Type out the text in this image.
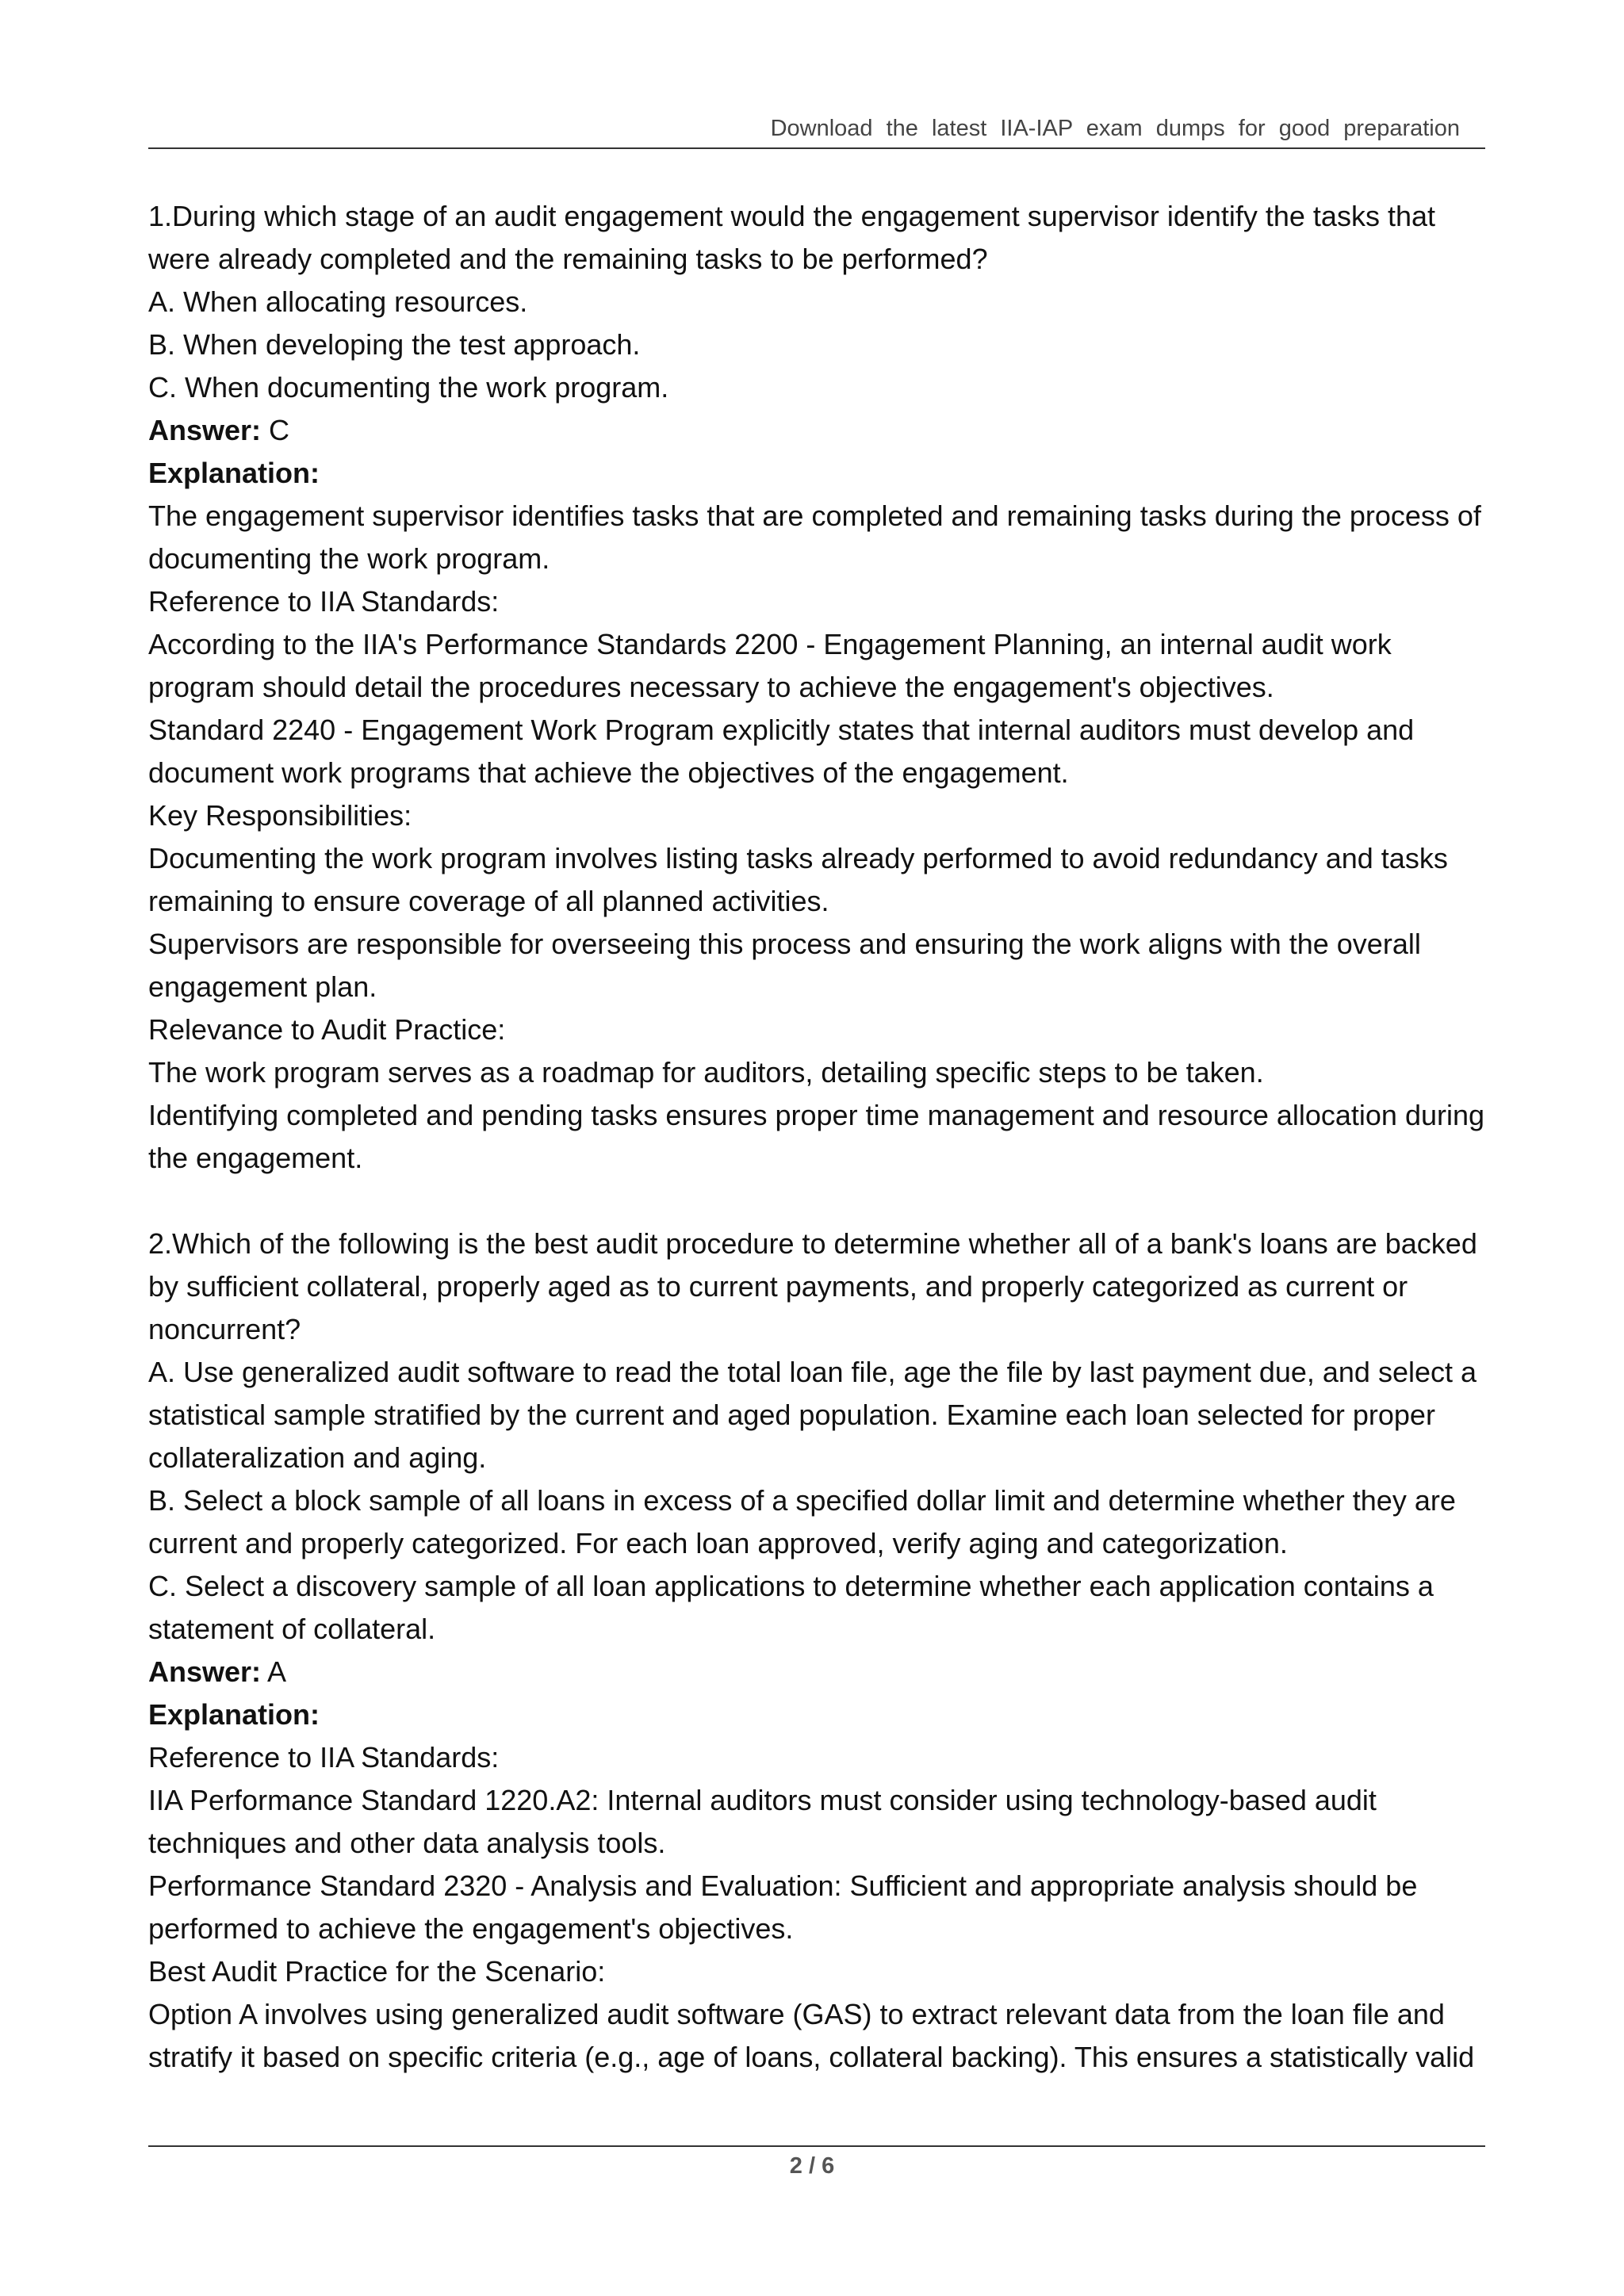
Download the latest IIA-IAP exam dumps for good preparation

1.During which stage of an audit engagement would the engagement supervisor identify the tasks that were already completed and the remaining tasks to be performed?

A. When allocating resources.

B. When developing the test approach.

C. When documenting the work program.

Answer: C

Explanation:

The engagement supervisor identifies tasks that are completed and remaining tasks during the process of documenting the work program.

Reference to IIA Standards:

According to the IIA's Performance Standards 2200 - Engagement Planning, an internal audit work program should detail the procedures necessary to achieve the engagement's objectives.

Standard 2240 - Engagement Work Program explicitly states that internal auditors must develop and document work programs that achieve the objectives of the engagement.

Key Responsibilities:

Documenting the work program involves listing tasks already performed to avoid redundancy and tasks remaining to ensure coverage of all planned activities.

Supervisors are responsible for overseeing this process and ensuring the work aligns with the overall engagement plan.

Relevance to Audit Practice:

The work program serves as a roadmap for auditors, detailing specific steps to be taken.

Identifying completed and pending tasks ensures proper time management and resource allocation during the engagement.

2.Which of the following is the best audit procedure to determine whether all of a bank's loans are backed by sufficient collateral, properly aged as to current payments, and properly categorized as current or noncurrent?

A. Use generalized audit software to read the total loan file, age the file by last payment due, and select a statistical sample stratified by the current and aged population. Examine each loan selected for proper collateralization and aging.

B. Select a block sample of all loans in excess of a specified dollar limit and determine whether they are current and properly categorized. For each loan approved, verify aging and categorization.

C. Select a discovery sample of all loan applications to determine whether each application contains a statement of collateral.

Answer: A

Explanation:

Reference to IIA Standards:

IIA Performance Standard 1220.A2: Internal auditors must consider using technology-based audit techniques and other data analysis tools.

Performance Standard 2320 - Analysis and Evaluation: Sufficient and appropriate analysis should be performed to achieve the engagement's objectives.

Best Audit Practice for the Scenario:

Option A involves using generalized audit software (GAS) to extract relevant data from the loan file and stratify it based on specific criteria (e.g., age of loans, collateral backing). This ensures a statistically valid

2 / 6
